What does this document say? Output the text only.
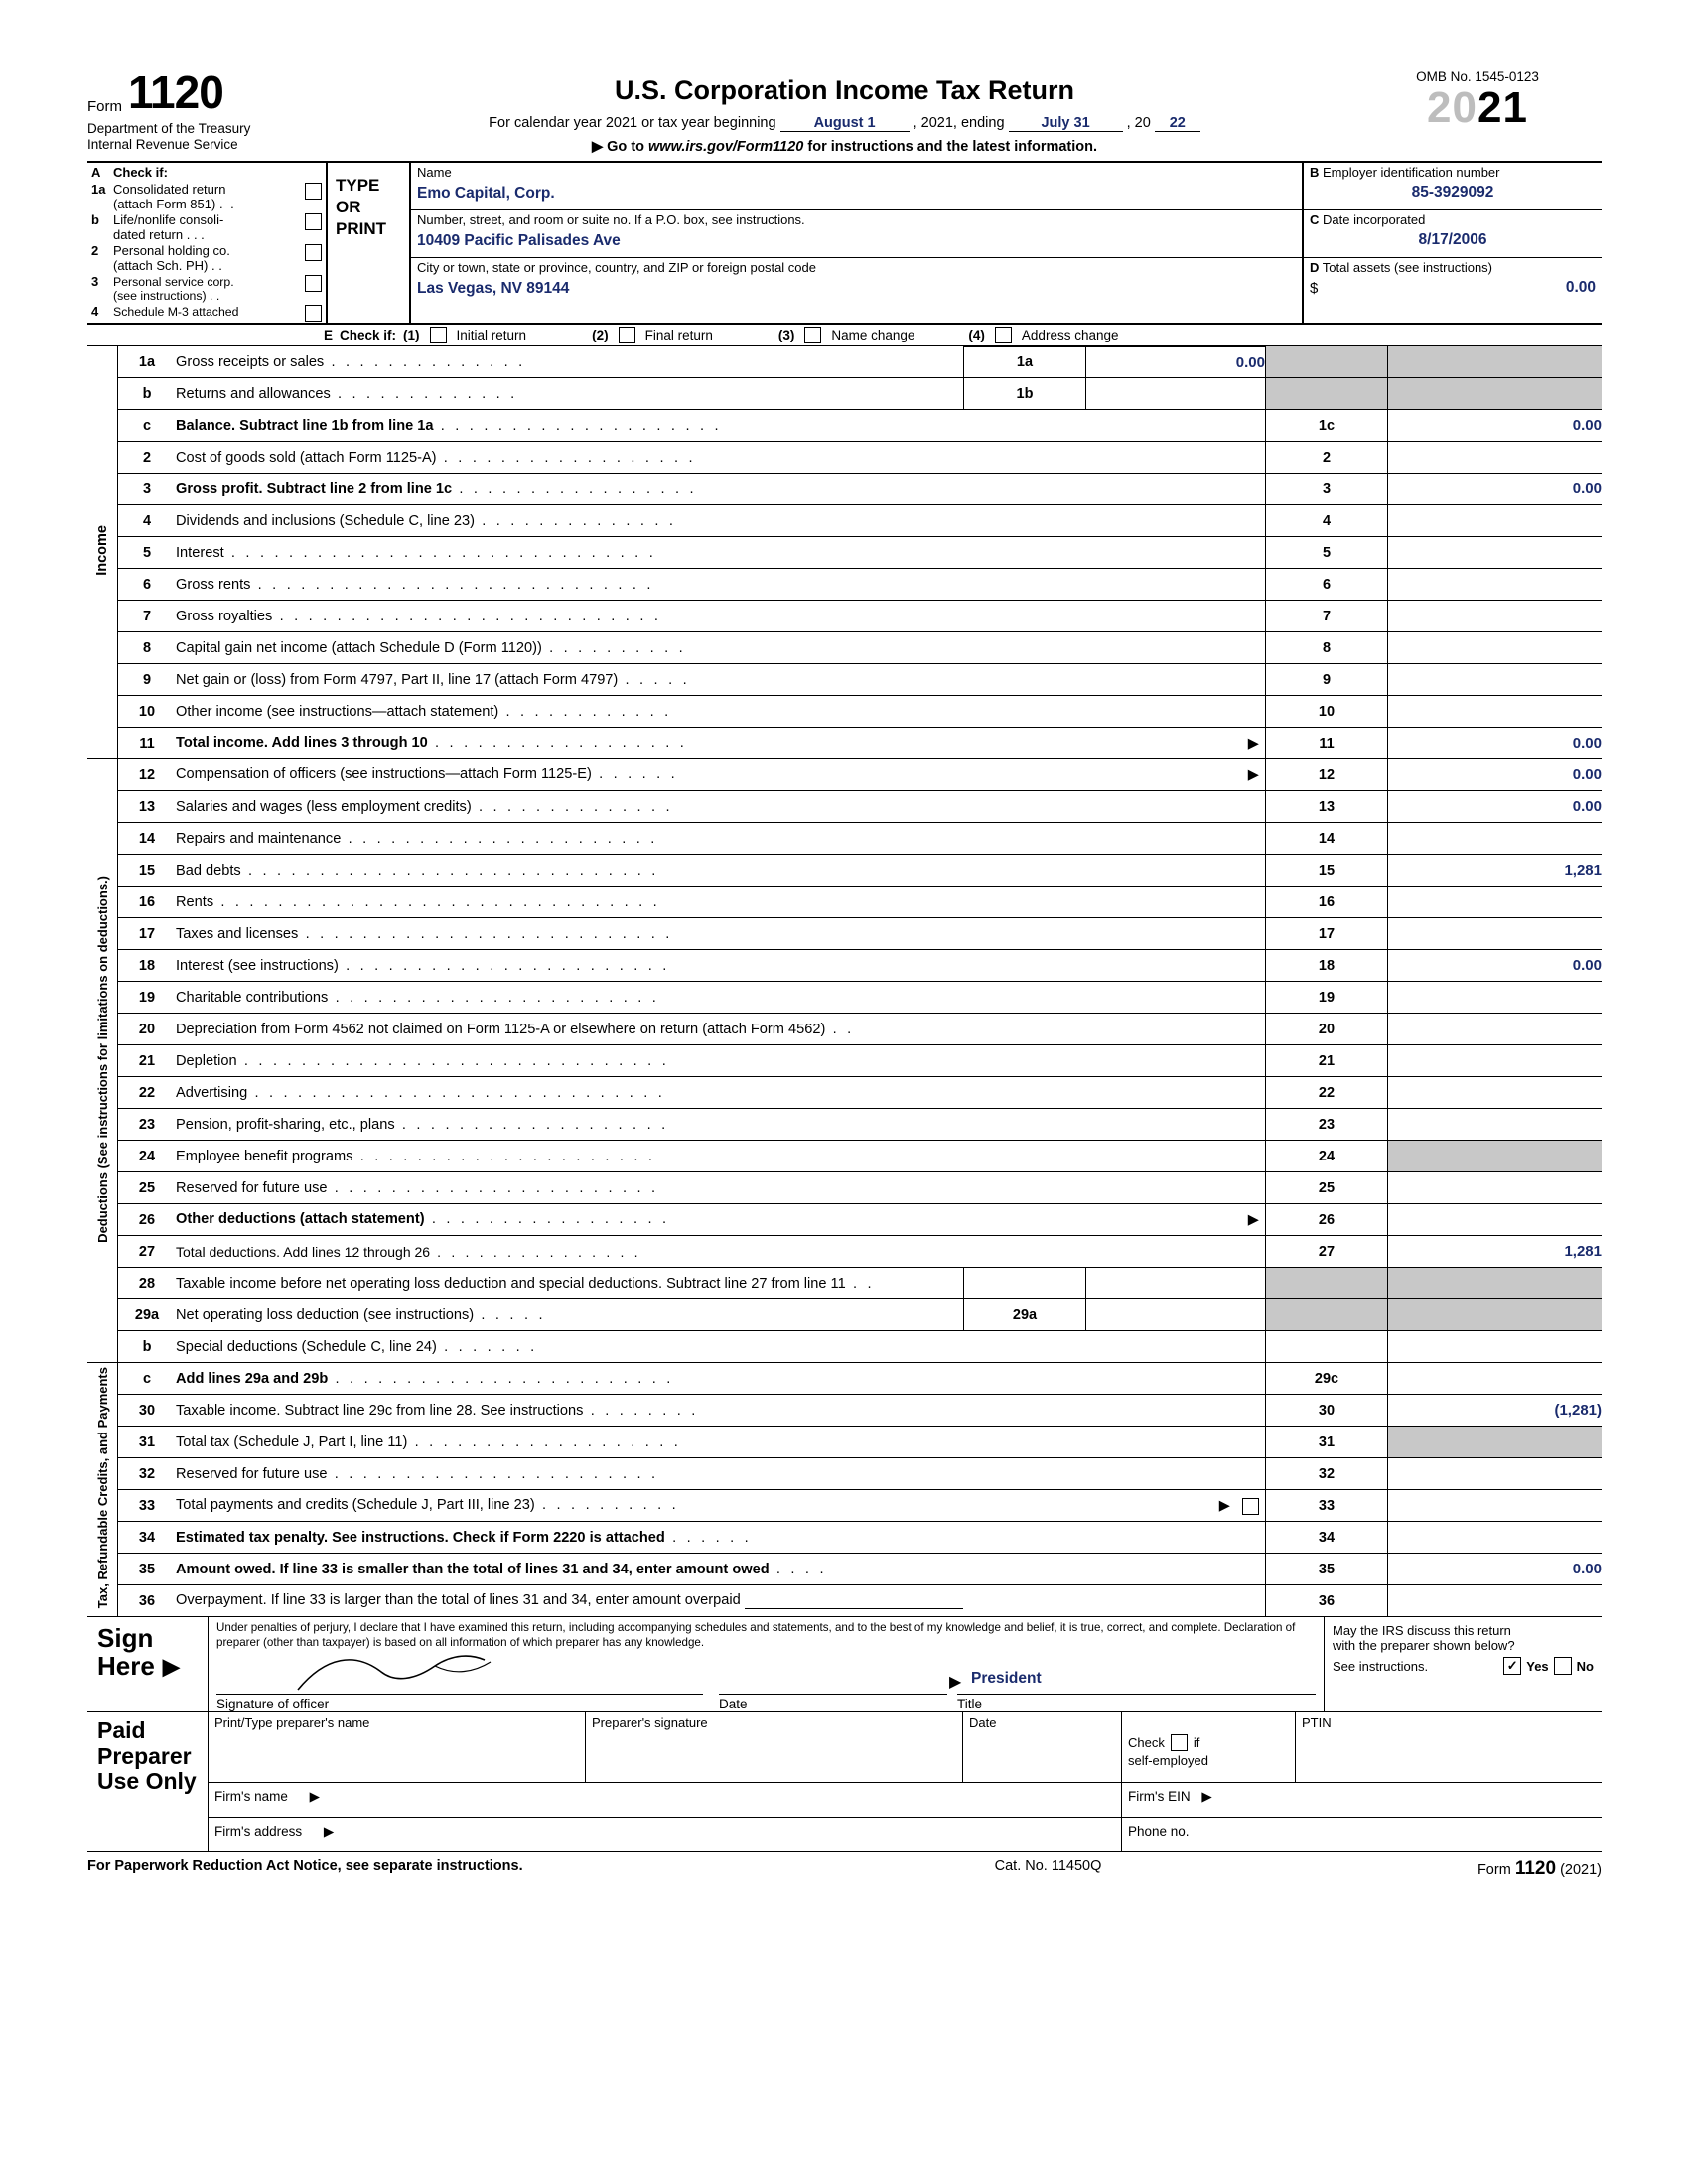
Form 1120
Department of the Treasury
Internal Revenue Service
U.S. Corporation Income Tax Return
For calendar year 2021 or tax year beginning	August 1	, 2021, ending	July 31	, 20 22
▶ Go to www.irs.gov/Form1120 for instructions and the latest information.
OMB No. 1545-0123
2021
A Check if:
1a Consolidated return
(attach Form 851) . .
b	Life/nonlife consoli-
dated return . . .
2	Personal holding co.
(attach Sch. PH) . .
3	Personal service corp.
(see instructions) . .
4	Schedule M-3 attached
TYPE
OR
PRINT
Name
Emo Capital, Corp.
Number, street, and room or suite no. If a P.O. box, see instructions.
10409 Pacific Palisades Ave
City or town, state or province, country, and ZIP or foreign postal code
Las Vegas, NV 89144
B Employer identification number
85-3929092
C Date incorporated
8/17/2006
D Total assets (see instructions)
$	0.00
E Check if: (1)	Initial return	(2)	Final return	(3)	Name change	(4)	Address change
Income	1a	Gross receipts or sales . . . . . . . . . . . . . .	1a	0.00		
	b	Returns and allowances . . . . . . . . . . . . .	1b			
	c	Balance. Subtract line 1b from line 1a . . . . . . . . . . . . . . . . . . . .			1c	0.00
	2	Cost of goods sold (attach Form 1125-A) . . . . . . . . . . . . . . . . . .			2	
	3	Gross profit. Subtract line 2 from line 1c . . . . . . . . . . . . . . . . .			3	0.00
	4	Dividends and inclusions (Schedule C, line 23) . . . . . . . . . . . . . .			4	
	5	Interest . . . . . . . . . . . . . . . . . . . . . . . . . . . . . .			5	
	6	Gross rents . . . . . . . . . . . . . . . . . . . . . . . . . . . .			6	
	7	Gross royalties . . . . . . . . . . . . . . . . . . . . . . . . . . .			7	
	8	Capital gain net income (attach Schedule D (Form 1120)) . . . . . . . . . .			8	
	9	Net gain or (loss) from Form 4797, Part II, line 17 (attach Form 4797) . . . . .			9	
	10	Other income (see instructions—attach statement) . . . . . . . . . . . .			10	
	11	Total income. Add lines 3 through 10 . . . . . . . . . . . . . . . . . . ▶			11	0.00
Deductions (See instructions for limitations on deductions.)	12	Compensation of officers (see instructions—attach Form 1125-E) . . . . . . ▶			12	0.00
	13	Salaries and wages (less employment credits) . . . . . . . . . . . . . .			13	0.00
	14	Repairs and maintenance . . . . . . . . . . . . . . . . . . . . . .			14	
	15	Bad debts . . . . . . . . . . . . . . . . . . . . . . . . . . . . .			15	1,281
	16	Rents . . . . . . . . . . . . . . . . . . . . . . . . . . . . . . .			16	
	17	Taxes and licenses . . . . . . . . . . . . . . . . . . . . . . . . . .			17	
	18	Interest (see instructions) . . . . . . . . . . . . . . . . . . . . . . .			18	0.00
	19	Charitable contributions . . . . . . . . . . . . . . . . . . . . . . .			19	
	20	Depreciation from Form 4562 not claimed on Form 1125-A or elsewhere on return (attach Form 4562) . .			20	
	21	Depletion . . . . . . . . . . . . . . . . . . . . . . . . . . . . . .			21	
	22	Advertising . . . . . . . . . . . . . . . . . . . . . . . . . . . . .			22	
	23	Pension, profit-sharing, etc., plans . . . . . . . . . . . . . . . . . . .			23	
	24	Employee benefit programs . . . . . . . . . . . . . . . . . . . . .			24	
	25	Reserved for future use . . . . . . . . . . . . . . . . . . . . . . .			25	
	26	Other deductions (attach statement) . . . . . . . . . . . . . . . . . ▶			26	
	27	Total deductions. Add lines 12 through 26 . . . . . . . . . . . . . . .			27	1,281
	28	Taxable income before net operating loss deduction and special deductions. Subtract line 27 from line 11 . .				
	29a	Net operating loss deduction (see instructions) . . . . .	29a			
	b	Special deductions (Schedule C, line 24) . . . . . . .				
Tax, Refundable Credits, and Payments	c	Add lines 29a and 29b . . . . . . . . . . . . . . . . . . . . . . . .			29c	
	30	Taxable income. Subtract line 29c from line 28. See instructions . . . . . . . .			30	(1,281)
	31	Total tax (Schedule J, Part I, line 11) . . . . . . . . . . . . . . . . . . .			31	
	32	Reserved for future use . . . . . . . . . . . . . . . . . . . . . . .			32	
	33	Total payments and credits (Schedule J, Part III, line 23) . . . . . . . . . . ▶			33	
	34	Estimated tax penalty. See instructions. Check if Form 2220 is attached . . . . . .			34	
	35	Amount owed. If line 33 is smaller than the total of lines 31 and 34, enter amount owed . . . .			35	0.00
	36	Overpayment. If line 33 is larger than the total of lines 31 and 34, enter amount overpaid			36	
Sign
Here ▶
Under penalties of perjury, I declare that I have examined this return, including accompanying schedules and statements, and to the best of my knowledge and belief, it is true, correct, and complete. Declaration of preparer (other than taxpayer) is based on all information of which preparer has any knowledge.
Signature of officer	Date
President
▶
Title
May the IRS discuss this return
with the preparer shown below?
See instructions.	✓ Yes No
Paid
Preparer
Use Only
Print/Type preparer's name	Preparer's signature	Date
Check if
self-employed
PTIN
Firm's name ▶	Firm's EIN ▶
Firm's address ▶	Phone no.
For Paperwork Reduction Act Notice, see separate instructions.	Cat. No. 11450Q	Form 1120 (2021)
